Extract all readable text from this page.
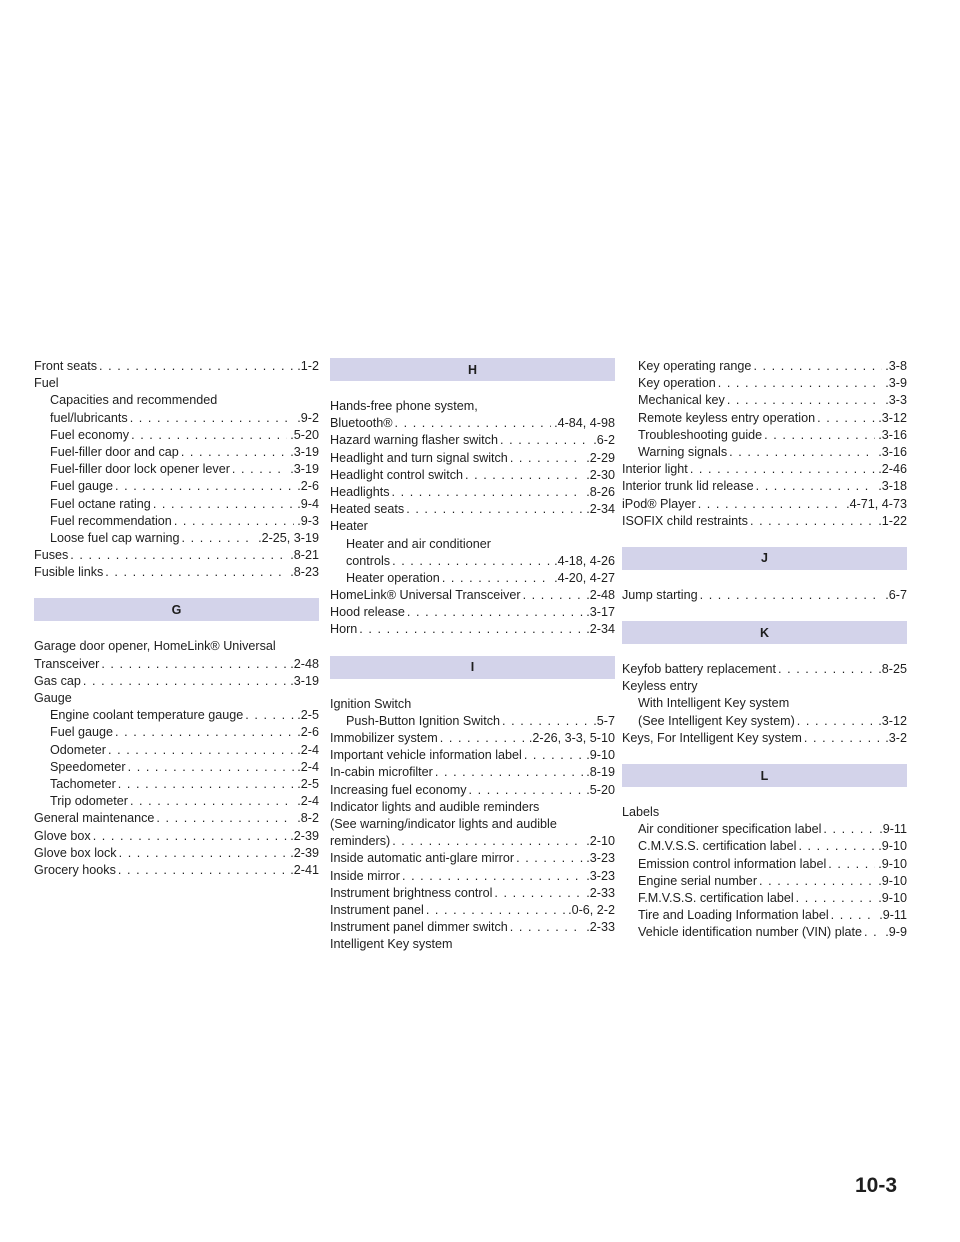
Front seats . . .	.1-2
Fuel
Capacities and recommended
fuel/lubricants . . .	.9-2
Fuel economy . . .	.5-20
Fuel-filler door and cap . . .	.3-19
Fuel-filler door lock opener lever . . .	.3-19
Fuel gauge . . .	.2-6
Fuel octane rating . . .	.9-4
Fuel recommendation . . .	.9-3
Loose fuel cap warning . . .	.2-25, 3-19
Fuses . . .	.8-21
Fusible links . . .	.8-23
G
Garage door opener, HomeLink® Universal
Transceiver . . .	.2-48
Gas cap . . .	.3-19
Gauge
Engine coolant temperature gauge . . .	.2-5
Fuel gauge . . .	.2-6
Odometer . . .	.2-4
Speedometer . . .	.2-4
Tachometer . . .	.2-5
Trip odometer . . .	.2-4
General maintenance . . .	.8-2
Glove box . . .	.2-39
Glove box lock . . .	.2-39
Grocery hooks . . .	.2-41
H
Hands-free phone system,
Bluetooth® . . .	.4-84, 4-98
Hazard warning flasher switch . . .	.6-2
Headlight and turn signal switch . . .	.2-29
Headlight control switch . . .	.2-30
Headlights . . .	.8-26
Heated seats . . .	.2-34
Heater
Heater and air conditioner
controls . . .	.4-18, 4-26
Heater operation . . .	.4-20, 4-27
HomeLink® Universal Transceiver . . .	.2-48
Hood release . . .	.3-17
Horn . . .	.2-34
I
Ignition Switch
Push-Button Ignition Switch . . .	.5-7
Immobilizer system . . .	.2-26, 3-3, 5-10
Important vehicle information label . . .	.9-10
In-cabin microfilter . . .	.8-19
Increasing fuel economy . . .	.5-20
Indicator lights and audible reminders
(See warning/indicator lights and audible
reminders) . . .	.2-10
Inside automatic anti-glare mirror . . .	.3-23
Inside mirror . . .	.3-23
Instrument brightness control . . .	.2-33
Instrument panel . . .	.0-6, 2-2
Instrument panel dimmer switch . . .	.2-33
Intelligent Key system
Key operating range . . .	.3-8
Key operation . . .	.3-9
Mechanical key . . .	.3-3
Remote keyless entry operation . . .	.3-12
Troubleshooting guide . . .	.3-16
Warning signals . . .	.3-16
Interior light . . .	.2-46
Interior trunk lid release . . .	.3-18
iPod® Player . . .	.4-71, 4-73
ISOFIX child restraints . . .	.1-22
J
Jump starting . . .	.6-7
K
Keyfob battery replacement . . .	.8-25
Keyless entry
With Intelligent Key system
(See Intelligent Key system) . . .	.3-12
Keys, For Intelligent Key system . . .	.3-2
L
Labels
Air conditioner specification label . . .	.9-11
C.M.V.S.S. certification label . . .	.9-10
Emission control information label . . .	.9-10
Engine serial number . . .	.9-10
F.M.V.S.S. certification label . . .	.9-10
Tire and Loading Information label . . .	.9-11
Vehicle identification number (VIN) plate . . . .9-9
10-3
